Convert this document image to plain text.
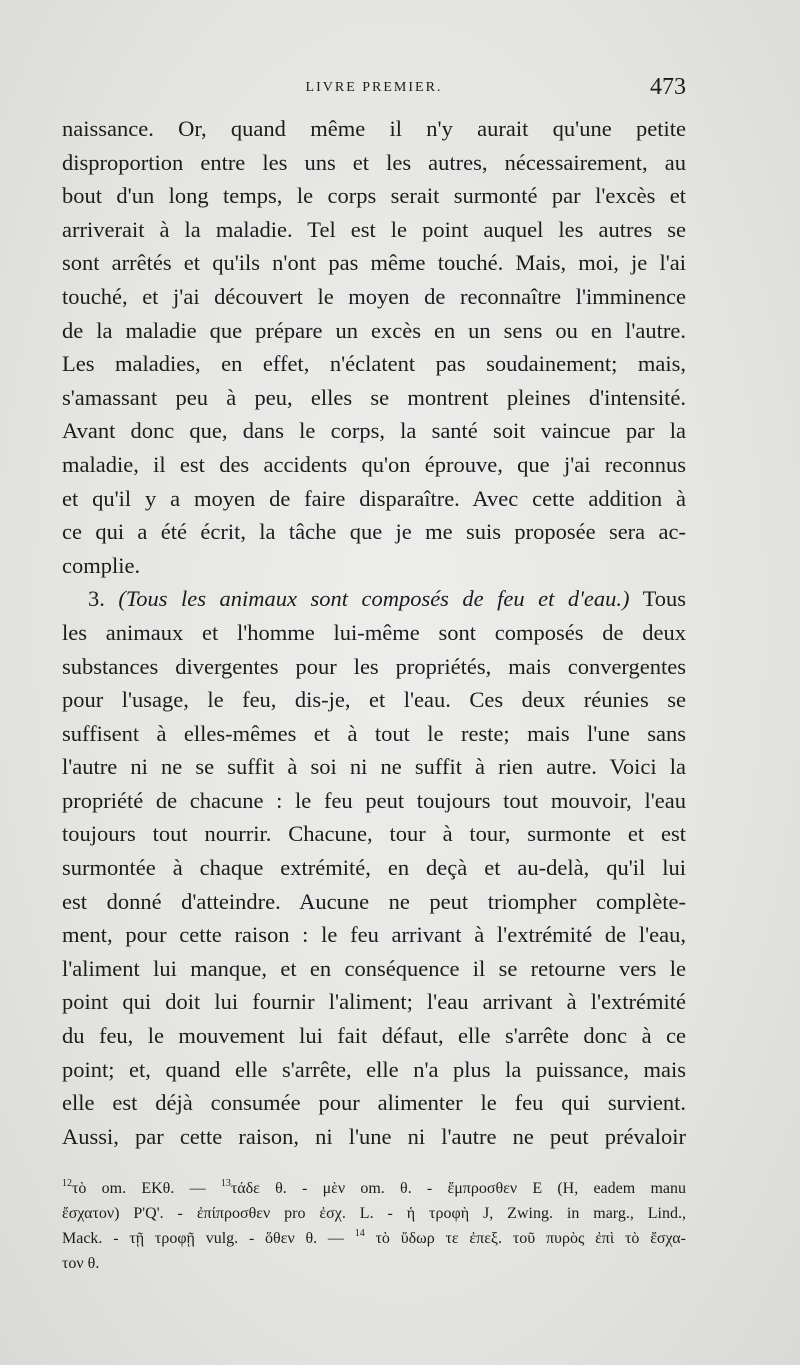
LIVRE PREMIER.	473
naissance. Or, quand même il n'y aurait qu'une petite
disproportion entre les uns et les autres, nécessairement, au
bout d'un long temps, le corps serait surmonté par l'excès et
arriverait à la maladie. Tel est le point auquel les autres se
sont arrêtés et qu'ils n'ont pas même touché. Mais, moi, je l'ai
touché, et j'ai découvert le moyen de reconnaître l'imminence
de la maladie que prépare un excès en un sens ou en l'autre.
Les maladies, en effet, n'éclatent pas soudainement; mais,
s'amassant peu à peu, elles se montrent pleines d'intensité.
Avant donc que, dans le corps, la santé soit vaincue par la
maladie, il est des accidents qu'on éprouve, que j'ai reconnus
et qu'il y a moyen de faire disparaître. Avec cette addition à
ce qui a été écrit, la tâche que je me suis proposée sera ac-
complie.
3. (Tous les animaux sont composés de feu et d'eau.) Tous
les animaux et l'homme lui-même sont composés de deux
substances divergentes pour les propriétés, mais convergentes
pour l'usage, le feu, dis-je, et l'eau. Ces deux réunies se
suffisent à elles-mêmes et à tout le reste; mais l'une sans
l'autre ni ne se suffit à soi ni ne suffit à rien autre. Voici la
propriété de chacune : le feu peut toujours tout mouvoir, l'eau
toujours tout nourrir. Chacune, tour à tour, surmonte et est
surmontée à chaque extrémité, en deçà et au-delà, qu'il lui
est donné d'atteindre. Aucune ne peut triompher complète-
ment, pour cette raison : le feu arrivant à l'extrémité de l'eau,
l'aliment lui manque, et en conséquence il se retourne vers le
point qui doit lui fournir l'aliment; l'eau arrivant à l'extrémité
du feu, le mouvement lui fait défaut, elle s'arrête donc à ce
point; et, quand elle s'arrête, elle n'a plus la puissance, mais
elle est déjà consumée pour alimenter le feu qui survient.
Aussi, par cette raison, ni l'une ni l'autre ne peut prévaloir
$^{12}$τὸ om. EKθ. — $^{13}$τάδε θ. - μὲν om. θ. - ἔμπροσθεν E (H, eadem manu
ἔσχατον) P'Q'. - ἐπίπροσθεν pro ἐσχ. L. - ἡ τροφὴ J, Zwing. in marg., Lind.,
Mack. - τῇ τροφῇ vulg. - ὅθεν θ. — $^{14}$ τὸ ὕδωρ τε ἐπεξ. τοῦ πυρὸς ἐπὶ τὸ ἔσχα-
τον θ.
